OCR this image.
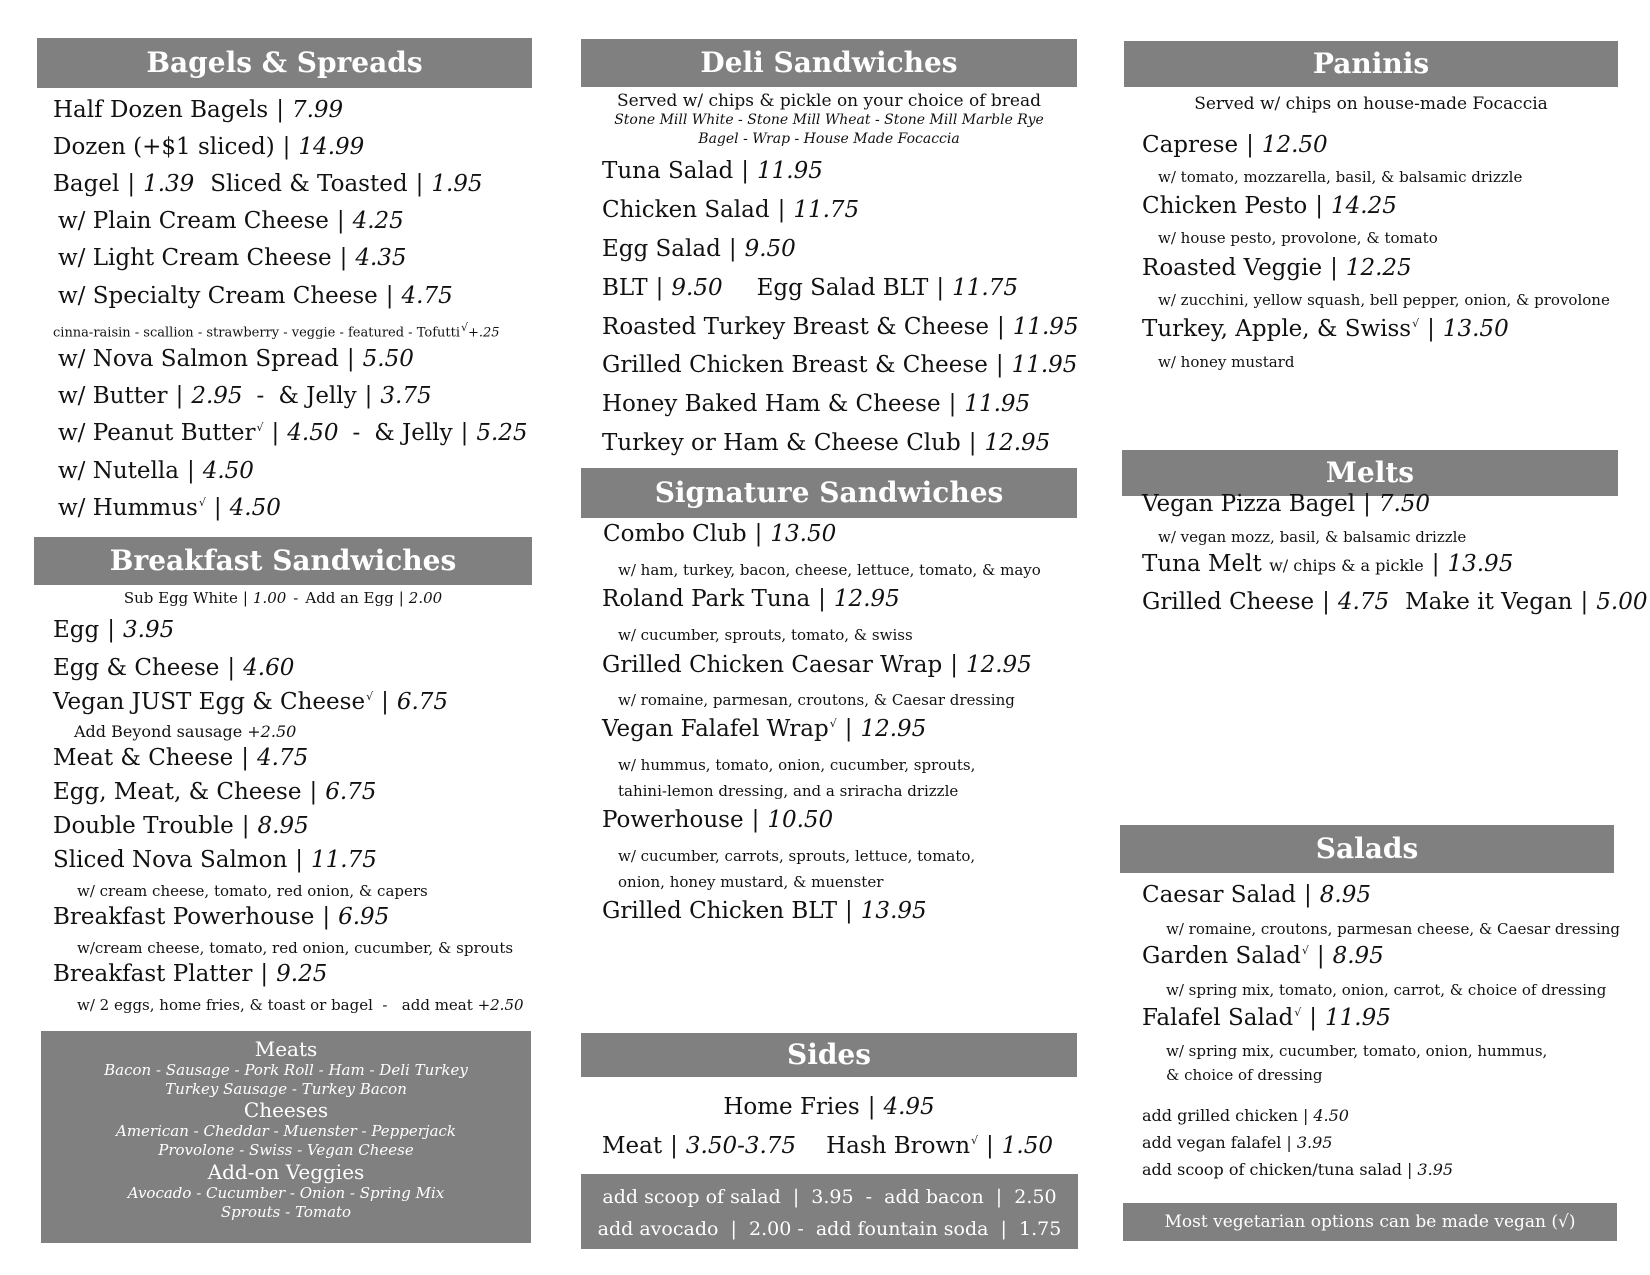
Bagels & Spreads
Half Dozen Bagels | 7.99
Dozen (+$1 sliced) | 14.99
Bagel | 1.39 Sliced & Toasted | 1.95
w/ Plain Cream Cheese | 4.25
w/ Light Cream Cheese | 4.35
w/ Specialty Cream Cheese | 4.75
cinna-raisin - scallion - strawberry - veggie - featured - Tofutti√+.25
w/ Nova Salmon Spread | 5.50
w/ Butter | 2.95 - & Jelly | 3.75
w/ Peanut Butter√ | 4.50 - & Jelly | 5.25
w/ Nutella | 4.50
w/ Hummus√ | 4.50
Breakfast Sandwiches
Sub Egg White | 1.00 - Add an Egg | 2.00
Egg | 3.95
Egg & Cheese | 4.60
Vegan JUST Egg & Cheese√ | 6.75
Add Beyond sausage +2.50
Meat & Cheese | 4.75
Egg, Meat, & Cheese | 6.75
Double Trouble | 8.95
Sliced Nova Salmon | 11.75
w/ cream cheese, tomato, red onion, & capers
Breakfast Powerhouse | 6.95
w/cream cheese, tomato, red onion, cucumber, & sprouts
Breakfast Platter | 9.25
w/ 2 eggs, home fries, & toast or bagel  -   add meat +2.50
Meats
Bacon - Sausage - Pork Roll - Ham - Deli Turkey
Turkey Sausage - Turkey Bacon
Cheeses
American - Cheddar - Muenster - Pepperjack
Provolone - Swiss - Vegan Cheese
Add-on Veggies
Avocado - Cucumber - Onion - Spring Mix
Sprouts - Tomato
Deli Sandwiches
Served w/ chips & pickle on your choice of bread
Stone Mill White - Stone Mill Wheat - Stone Mill Marble Rye
Bagel - Wrap - House Made Focaccia
Tuna Salad | 11.95
Chicken Salad | 11.75
Egg Salad | 9.50
BLT | 9.50 Egg Salad BLT | 11.75
Roasted Turkey Breast & Cheese | 11.95
Grilled Chicken Breast & Cheese | 11.95
Honey Baked Ham & Cheese | 11.95
Turkey or Ham & Cheese Club | 12.95
Signature Sandwiches
Combo Club | 13.50
w/ ham, turkey, bacon, cheese, lettuce, tomato, & mayo
Roland Park Tuna | 12.95
w/ cucumber, sprouts, tomato, & swiss
Grilled Chicken Caesar Wrap | 12.95
w/ romaine, parmesan, croutons, & Caesar dressing
Vegan Falafel Wrap√ | 12.95
w/ hummus, tomato, onion, cucumber, sprouts,
tahini-lemon dressing, and a sriracha drizzle
Powerhouse | 10.50
w/ cucumber, carrots, sprouts, lettuce, tomato,
onion, honey mustard, & muenster
Grilled Chicken BLT | 13.95
Sides
Home Fries | 4.95
Meat | 3.50-3.75 Hash Brown√ | 1.50
add scoop of salad  |  3.95  -  add bacon  |  2.50
add avocado  |  2.00 -  add fountain soda  |  1.75
Paninis
Served w/ chips on house-made Focaccia
Caprese | 12.50
w/ tomato, mozzarella, basil, & balsamic drizzle
Chicken Pesto | 14.25
w/ house pesto, provolone, & tomato
Roasted Veggie | 12.25
w/ zucchini, yellow squash, bell pepper, onion, & provolone
Turkey, Apple, & Swiss√ | 13.50
w/ honey mustard
Melts
Vegan Pizza Bagel | 7.50
w/ vegan mozz, basil, & balsamic drizzle
Tuna Melt w/ chips & a pickle | 13.95
Grilled Cheese | 4.75 Make it Vegan | 5.00
Salads
Caesar Salad | 8.95
w/ romaine, croutons, parmesan cheese, & Caesar dressing
Garden Salad√ | 8.95
w/ spring mix, tomato, onion, carrot, & choice of dressing
Falafel Salad√ | 11.95
w/ spring mix, cucumber, tomato, onion, hummus,
& choice of dressing
add grilled chicken | 4.50
add vegan falafel | 3.95
add scoop of chicken/tuna salad | 3.95
Most vegetarian options can be made vegan (√)
